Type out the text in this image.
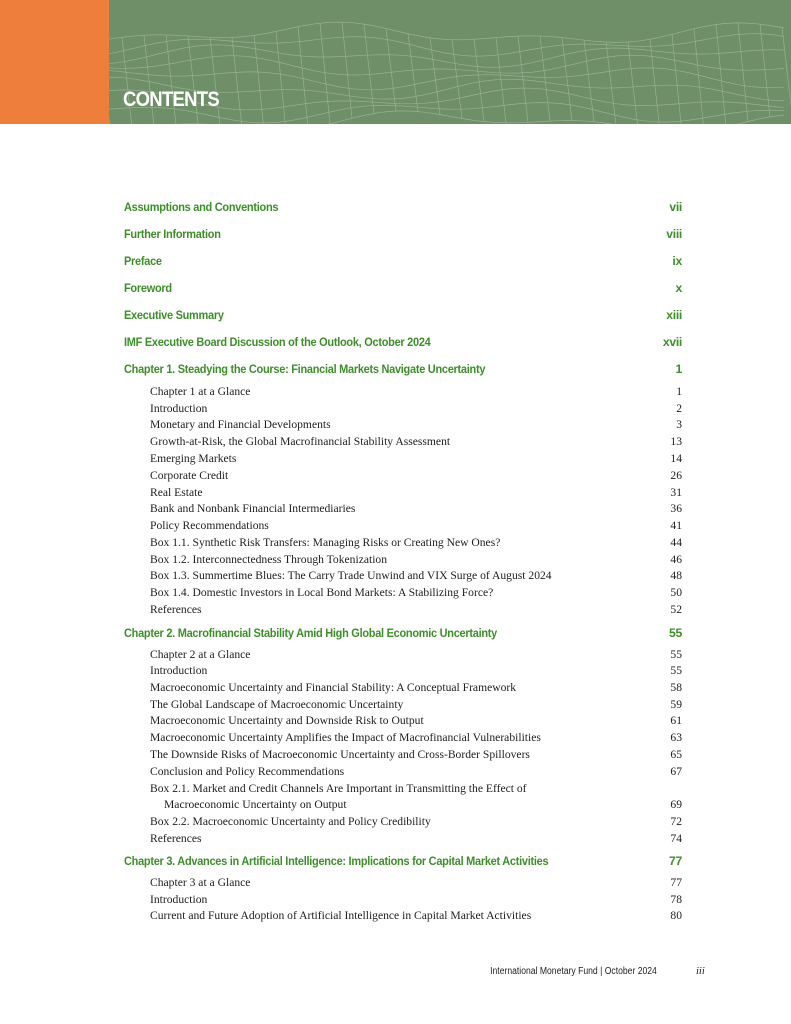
CONTENTS
Assumptions and Conventions	vii
Further Information	viii
Preface	ix
Foreword	x
Executive Summary	xiii
IMF Executive Board Discussion of the Outlook, October 2024	xvii
Chapter 1. Steadying the Course: Financial Markets Navigate Uncertainty	1
Chapter 1 at a Glance	1
Introduction	2
Monetary and Financial Developments	3
Growth-at-Risk, the Global Macrofinancial Stability Assessment	13
Emerging Markets	14
Corporate Credit	26
Real Estate	31
Bank and Nonbank Financial Intermediaries	36
Policy Recommendations	41
Box 1.1. Synthetic Risk Transfers: Managing Risks or Creating New Ones?	44
Box 1.2. Interconnectedness Through Tokenization	46
Box 1.3. Summertime Blues: The Carry Trade Unwind and VIX Surge of August 2024	48
Box 1.4. Domestic Investors in Local Bond Markets: A Stabilizing Force?	50
References	52
Chapter 2. Macrofinancial Stability Amid High Global Economic Uncertainty	55
Chapter 2 at a Glance	55
Introduction	55
Macroeconomic Uncertainty and Financial Stability: A Conceptual Framework	58
The Global Landscape of Macroeconomic Uncertainty	59
Macroeconomic Uncertainty and Downside Risk to Output	61
Macroeconomic Uncertainty Amplifies the Impact of Macrofinancial Vulnerabilities	63
The Downside Risks of Macroeconomic Uncertainty and Cross-Border Spillovers	65
Conclusion and Policy Recommendations	67
Box 2.1. Market and Credit Channels Are Important in Transmitting the Effect of
Macroeconomic Uncertainty on Output	69
Box 2.2. Macroeconomic Uncertainty and Policy Credibility	72
References	74
Chapter 3. Advances in Artificial Intelligence: Implications for Capital Market Activities	77
Chapter 3 at a Glance	77
Introduction	78
Current and Future Adoption of Artificial Intelligence in Capital Market Activities	80
International Monetary Fund | October 2024	iii
